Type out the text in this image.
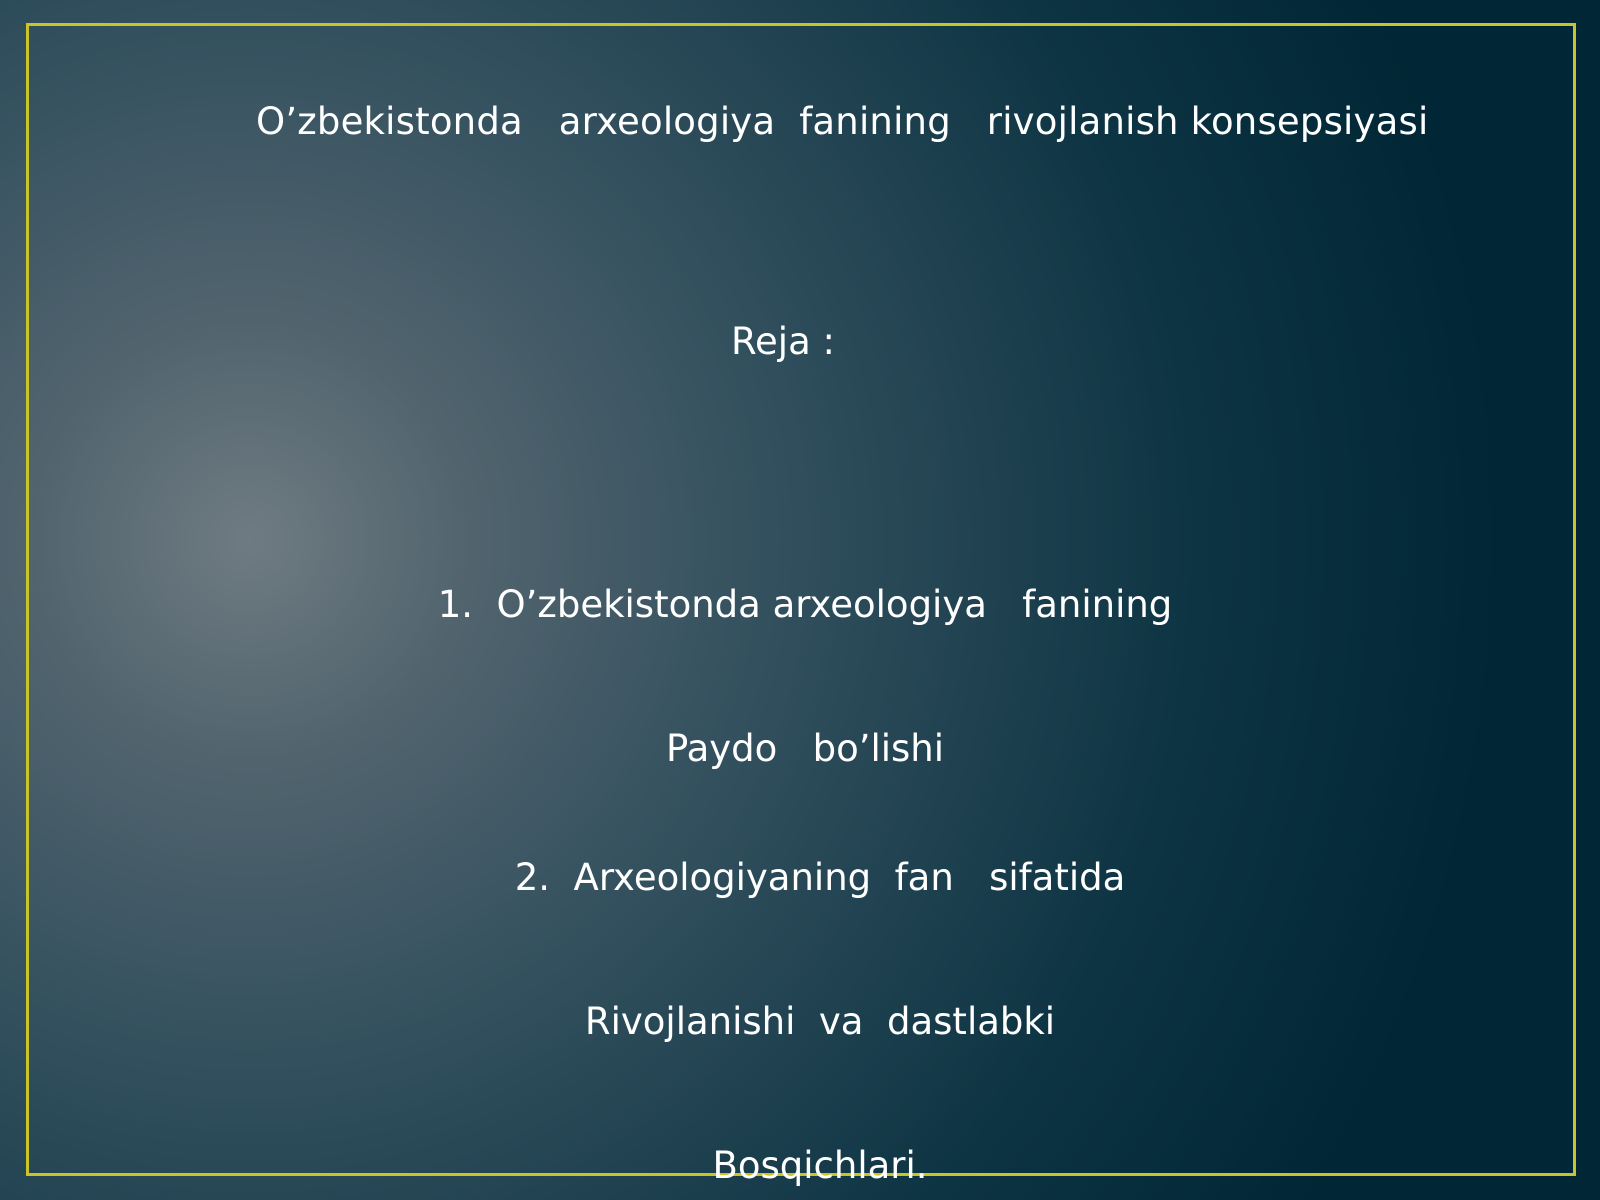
O’zbekistonda   arxeologiya  fanining   rivojlanish konsepsiyasi
Reja :

1.  O’zbekistonda arxeologiya   fanining

Paydo   bo’lishi

2.  Arxeologiyaning  fan   sifatida

Rivojlanishi  va  dastlabki

Bosqichlari.
